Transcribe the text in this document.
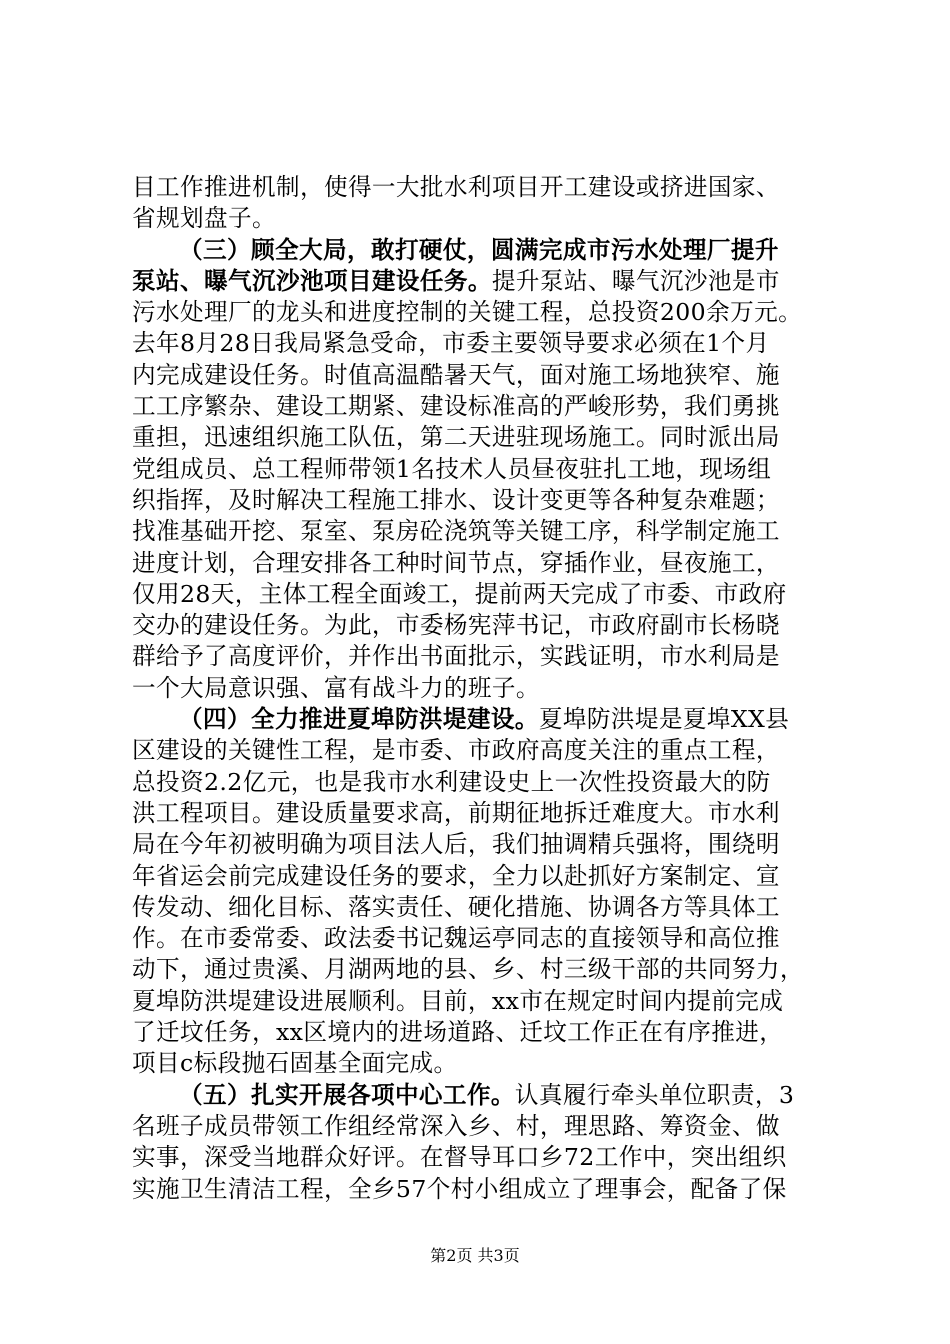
目工作推进机制，使得一大批水利项目开工建设或挤进国家、
省规划盘子。
（三）顾全大局，敢打硬仗，圆满完成市污水处理厂提升
泵站、曝气沉沙池项目建设任务。提升泵站、曝气沉沙池是市
污水处理厂的龙头和进度控制的关键工程，总投资200余万元。
去年8月28日我局紧急受命，市委主要领导要求必须在1个月
内完成建设任务。时值高温酷暑天气，面对施工场地狭窄、施
工工序繁杂、建设工期紧、建设标准高的严峻形势，我们勇挑
重担，迅速组织施工队伍，第二天进驻现场施工。同时派出局
党组成员、总工程师带领1名技术人员昼夜驻扎工地，现场组
织指挥，及时解决工程施工排水、设计变更等各种复杂难题；
找准基础开挖、泵室、泵房砼浇筑等关键工序，科学制定施工
进度计划，合理安排各工种时间节点，穿插作业，昼夜施工，
仅用28天，主体工程全面竣工，提前两天完成了市委、市政府
交办的建设任务。为此，市委杨宪萍书记，市政府副市长杨晓
群给予了高度评价，并作出书面批示，实践证明，市水利局是
一个大局意识强、富有战斗力的班子。
（四）全力推进夏埠防洪堤建设。夏埠防洪堤是夏埠XX县
区建设的关键性工程，是市委、市政府高度关注的重点工程，
总投资2.2亿元，也是我市水利建设史上一次性投资最大的防
洪工程项目。建设质量要求高，前期征地拆迁难度大。市水利
局在今年初被明确为项目法人后，我们抽调精兵强将，围绕明
年省运会前完成建设任务的要求，全力以赴抓好方案制定、宣
传发动、细化目标、落实责任、硬化措施、协调各方等具体工
作。在市委常委、政法委书记魏运亭同志的直接领导和高位推
动下，通过贵溪、月湖两地的县、乡、村三级干部的共同努力，
夏埠防洪堤建设进展顺利。目前，xx市在规定时间内提前完成
了迁坟任务，xx区境内的进场道路、迁坟工作正在有序推进，
项目c标段抛石固基全面完成。
（五）扎实开展各项中心工作。认真履行牵头单位职责，3
名班子成员带领工作组经常深入乡、村，理思路、筹资金、做
实事，深受当地群众好评。在督导耳口乡72工作中，突出组织
实施卫生清洁工程，全乡57个村小组成立了理事会，配备了保
第2页 共3页
